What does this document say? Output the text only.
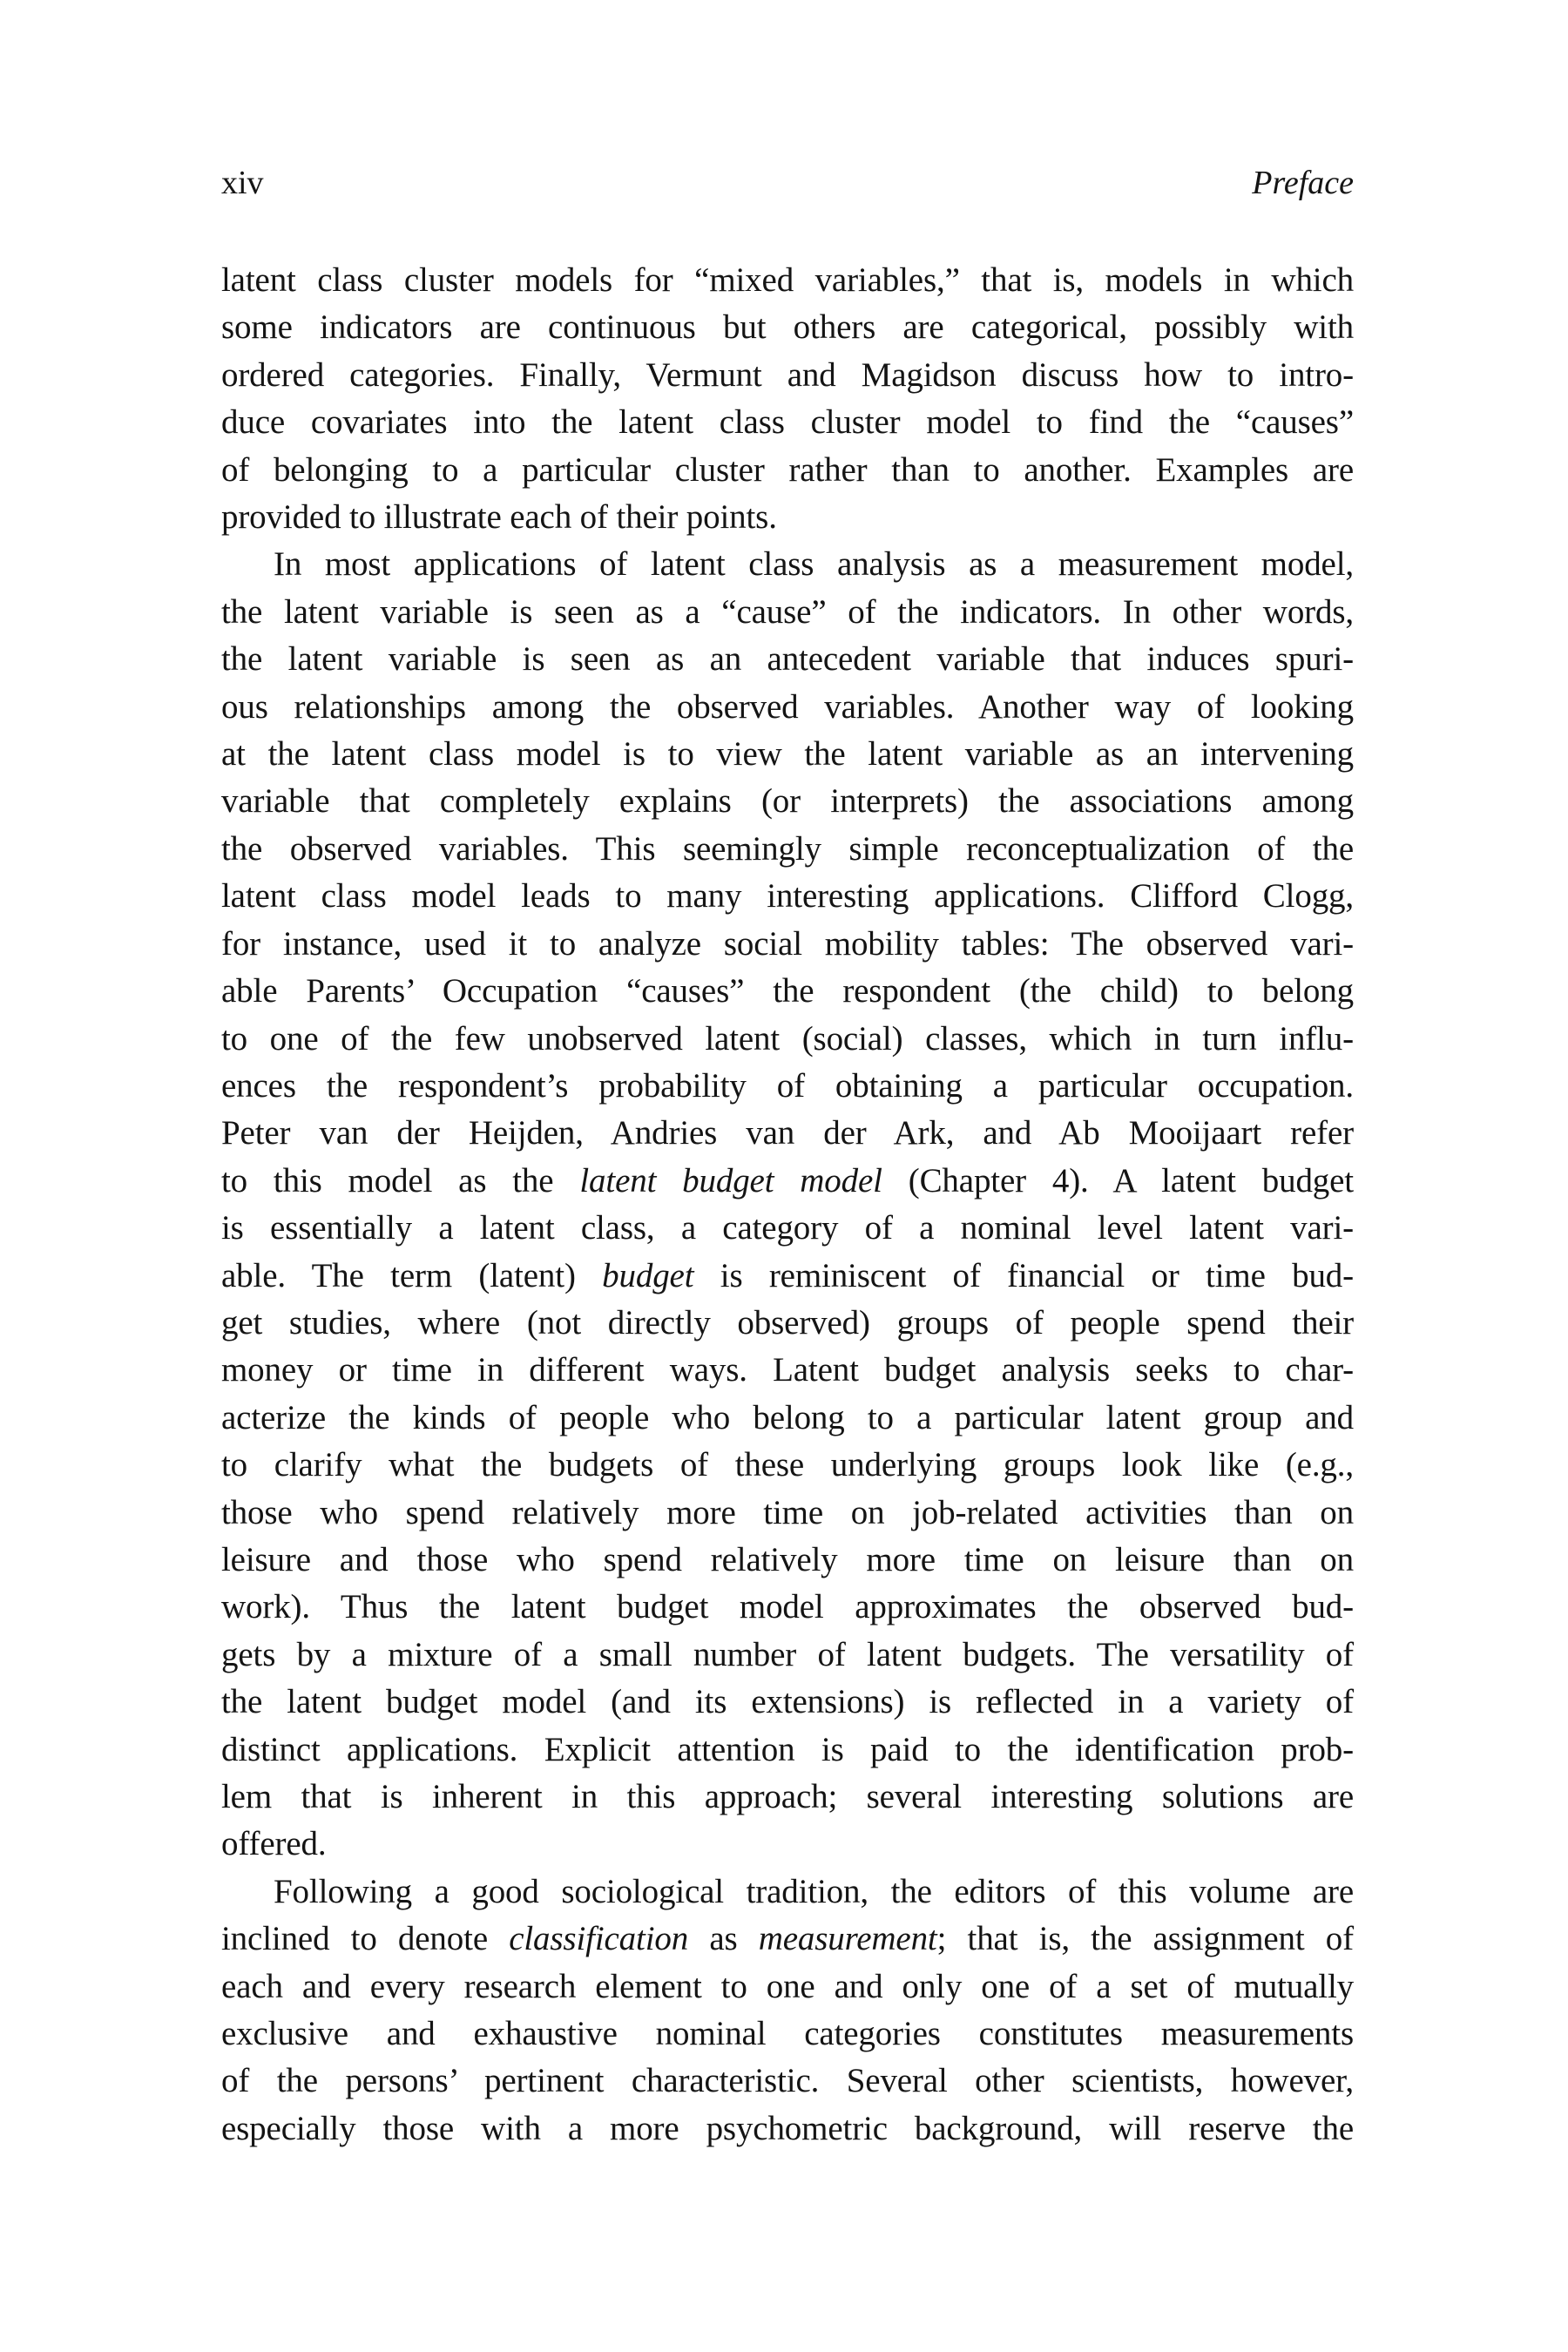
xiv	Preface

latent class cluster models for “mixed variables,” that is, models in which
some indicators are continuous but others are categorical, possibly with
ordered categories. Finally, Vermunt and Magidson discuss how to intro-
duce covariates into the latent class cluster model to find the “causes”
of belonging to a particular cluster rather than to another. Examples are
provided to illustrate each of their points.

In most applications of latent class analysis as a measurement model,
the latent variable is seen as a “cause” of the indicators. In other words,
the latent variable is seen as an antecedent variable that induces spuri-
ous relationships among the observed variables. Another way of looking
at the latent class model is to view the latent variable as an intervening
variable that completely explains (or interprets) the associations among
the observed variables. This seemingly simple reconceptualization of the
latent class model leads to many interesting applications. Clifford Clogg,
for instance, used it to analyze social mobility tables: The observed vari-
able Parents’ Occupation “causes” the respondent (the child) to belong
to one of the few unobserved latent (social) classes, which in turn influ-
ences the respondent’s probability of obtaining a particular occupation.
Peter van der Heijden, Andries van der Ark, and Ab Mooijaart refer
to this model as the latent budget model (Chapter 4). A latent budget
is essentially a latent class, a category of a nominal level latent vari-
able. The term (latent) budget is reminiscent of financial or time bud-
get studies, where (not directly observed) groups of people spend their
money or time in different ways. Latent budget analysis seeks to char-
acterize the kinds of people who belong to a particular latent group and
to clarify what the budgets of these underlying groups look like (e.g.,
those who spend relatively more time on job-related activities than on
leisure and those who spend relatively more time on leisure than on
work). Thus the latent budget model approximates the observed bud-
gets by a mixture of a small number of latent budgets. The versatility of
the latent budget model (and its extensions) is reflected in a variety of
distinct applications. Explicit attention is paid to the identification prob-
lem that is inherent in this approach; several interesting solutions are
offered.

Following a good sociological tradition, the editors of this volume are
inclined to denote classification as measurement; that is, the assignment of
each and every research element to one and only one of a set of mutually
exclusive and exhaustive nominal categories constitutes measurements
of the persons’ pertinent characteristic. Several other scientists, however,
especially those with a more psychometric background, will reserve the
